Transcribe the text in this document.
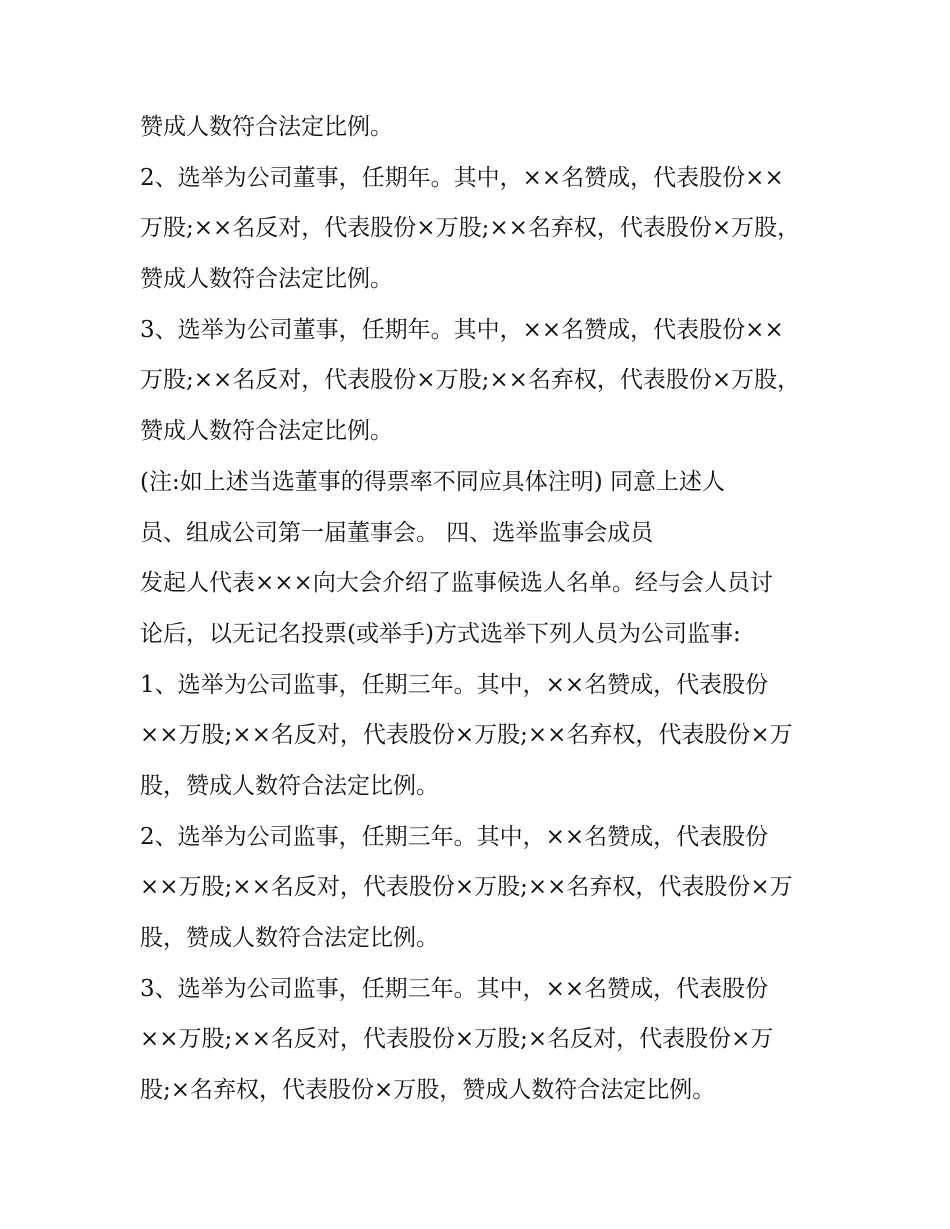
赞成人数符合法定比例。
2、选举为公司董事，任期年。其中，××名赞成，代表股份××
万股;××名反对，代表股份×万股;××名弃权，代表股份×万股，
赞成人数符合法定比例。
3、选举为公司董事，任期年。其中，××名赞成，代表股份××
万股;××名反对，代表股份×万股;××名弃权，代表股份×万股，
赞成人数符合法定比例。
(注:如上述当选董事的得票率不同应具体注明) 同意上述人
员、组成公司第一届董事会。 四、选举监事会成员
发起人代表×××向大会介绍了监事候选人名单。经与会人员讨
论后，以无记名投票(或举手)方式选举下列人员为公司监事:
1、选举为公司监事，任期三年。其中，××名赞成，代表股份
××万股;××名反对，代表股份×万股;××名弃权，代表股份×万
股，赞成人数符合法定比例。
2、选举为公司监事，任期三年。其中，××名赞成，代表股份
××万股;××名反对，代表股份×万股;××名弃权，代表股份×万
股，赞成人数符合法定比例。
3、选举为公司监事，任期三年。其中，××名赞成，代表股份
××万股;××名反对，代表股份×万股;×名反对，代表股份×万
股;×名弃权，代表股份×万股，赞成人数符合法定比例。
